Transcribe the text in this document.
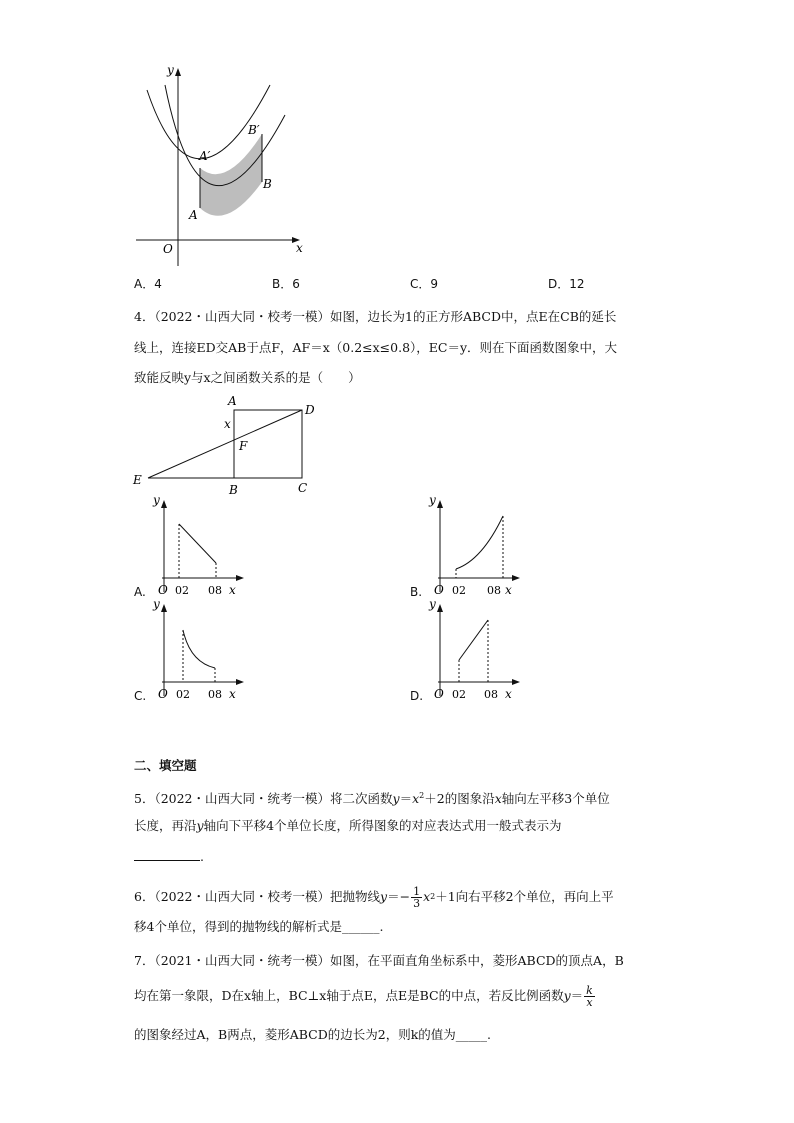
y
x
O
A
B
A′
B′
A．4	B．6	C．9	D．12
4．（2022・山西大同・校考一模）如图，边长为1的正方形ABCD中，点E在CB的延长
线上，连接ED交AB于点F，AF＝x（0.2≤x≤0.8），EC＝y．则在下面函数图象中，大
致能反映y与x之间函数关系的是（　　）
A
D
x
F
E
B	C
A.
y
O 02 08 x	B.
y
O 02 08 x
C.
y
O 02 08 x	D.
y
O 02 08 x
二、填空题
5．（2022・山西大同・统考一模）将二次函数$y=x^2+2$的图象沿x轴向左平移3个单位
长度，再沿y轴向下平移4个单位长度，所得图象的对应表达式用一般式表示为
.
6．（2022・山西大同・校考一模）把抛物线 $y =- \frac{1}{3}$ x 2 ＋1 向右平移2个单位，再向上平
移4个单位，得到的抛物线的解析式是______.
7．（2021・山西大同・统考一模）如图，在平面直角坐标系中，菱形ABCD的顶点A，B
均在第一象限，D在x轴上，BC⊥x轴于点E，点E是BC的中点，若反比例函数 $y = \frac{k}{x}$
的图象经过A，B两点，菱形ABCD的边长为2，则k的值为_____.
